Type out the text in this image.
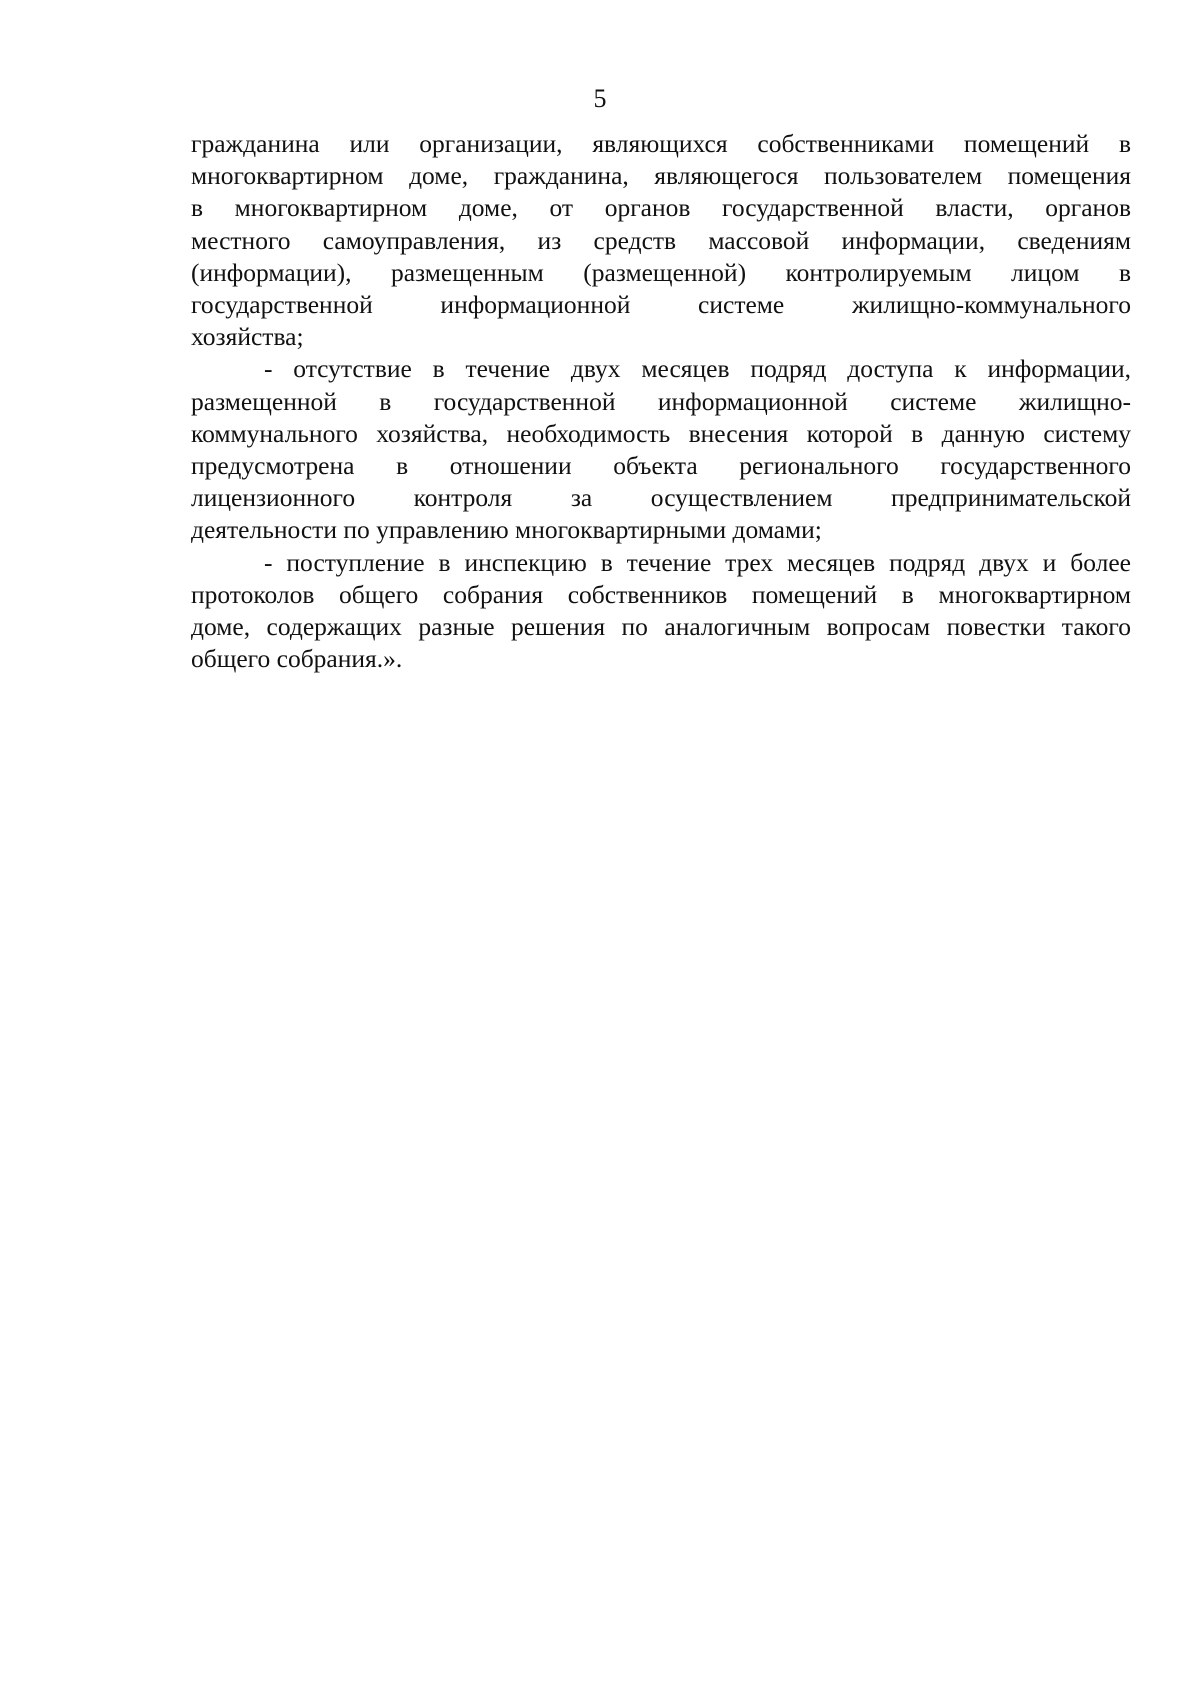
5

гражданина или организации, являющихся собственниками помещений в
многоквартирном доме, гражданина, являющегося пользователем помещения
в многоквартирном доме, от органов государственной власти, органов
местного самоуправления, из средств массовой информации, сведениям
(информации), размещенным (размещенной) контролируемым лицом в
государственной информационной системе жилищно-коммунального
хозяйства;

- отсутствие в течение двух месяцев подряд доступа к информации,
размещенной в государственной информационной системе жилищно-
коммунального хозяйства, необходимость внесения которой в данную систему
предусмотрена в отношении объекта регионального государственного
лицензионного контроля за осуществлением предпринимательской
деятельности по управлению многоквартирными домами;

- поступление в инспекцию в течение трех месяцев подряд двух и более
протоколов общего собрания собственников помещений в многоквартирном
доме, содержащих разные решения по аналогичным вопросам повестки такого
общего собрания.».
